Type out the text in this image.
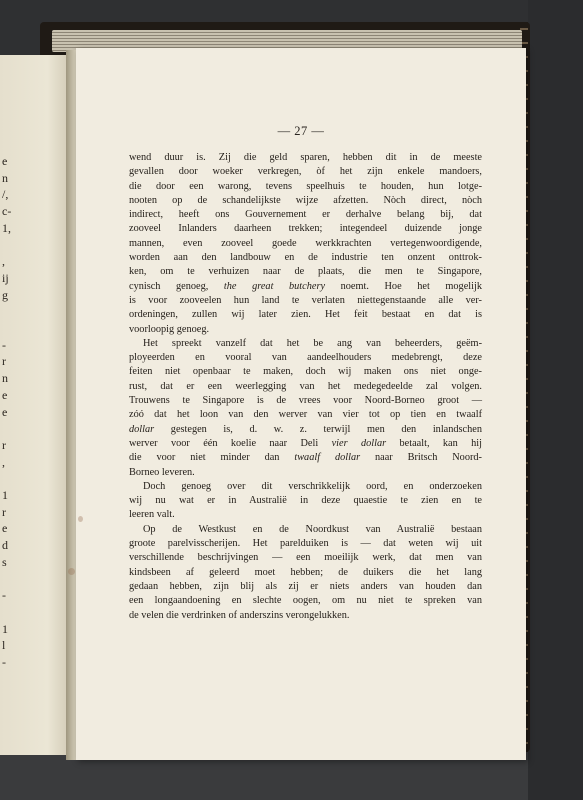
e
n
/,
c-
1,
,
ij
g
-
r
n
e
e
r
,
1
r
e
d
s
-
1
l
-
— 27 —
wend duur is. Zij die geld sparen, hebben dit in de meeste
gevallen door woeker verkregen, òf het zijn enkele mandoers,
die door een warong, tevens speelhuis te houden, hun lotge-
nooten op de schandelijkste wijze afzetten. Nòch direct, nòch
indirect, heeft ons Gouvernement er derhalve belang bij, dat
zooveel Inlanders daarheen trekken; integendeel duizende jonge
mannen, even zooveel goede werkkrachten vertegenwoordigende,
worden aan den landbouw en de industrie ten onzent onttrok-
ken, om te verhuizen naar de plaats, die men te Singapore,
cynisch genoeg, the great butchery noemt. Hoe het mogelijk
is voor zooveelen hun land te verlaten niettegenstaande alle ver-
ordeningen, zullen wij later zien. Het feit bestaat en dat is
voorloopig genoeg.
Het spreekt vanzelf dat het be ang van beheerders, geëm-
ployeerden en vooral van aandeelhouders medebrengt, deze
feiten niet openbaar te maken, doch wij maken ons niet onge-
rust, dat er een weerlegging van het medegedeelde zal volgen.
Trouwens te Singapore is de vrees voor Noord-Borneo groot —
zóó dat het loon van den werver van vier tot op tien en twaalf
dollar gestegen is, d. w. z. terwijl men den inlandschen
werver voor één koelie naar Deli vier dollar betaalt, kan hij
die voor niet minder dan twaalf dollar naar Britsch Noord-
Borneo leveren.
Doch genoeg over dit verschrikkelijk oord, en onderzoeken
wij nu wat er in Australië in deze quaestie te zien en te
leeren valt.
Op de Westkust en de Noordkust van Australië bestaan
groote parelvisscherijen. Het parelduiken is — dat weten wij uit
verschillende beschrijvingen — een moeilijk werk, dat men van
kindsbeen af geleerd moet hebben; de duikers die het lang
gedaan hebben, zijn blij als zij er niets anders van houden dan
een longaandoening en slechte oogen, om nu niet te spreken van
de velen die verdrinken of anderszins verongelukken.
